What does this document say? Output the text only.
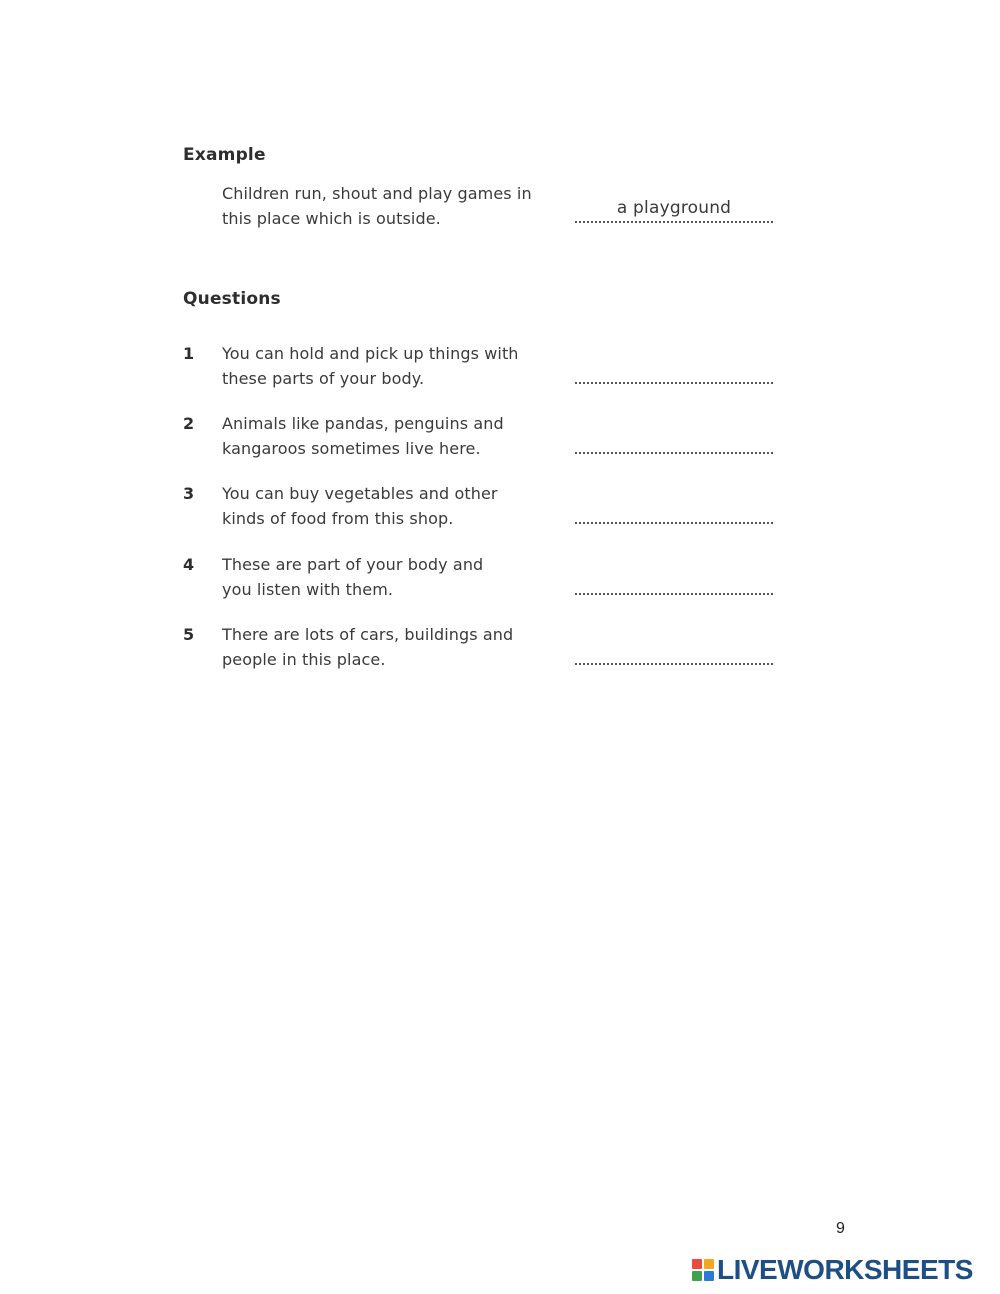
Example
Children run, shout and play games in
this place which is outside.
a playground
Questions
1 You can hold and pick up things with
these parts of your body.
2 Animals like pandas, penguins and
kangaroos sometimes live here.
3 You can buy vegetables and other
kinds of food from this shop.
4 These are part of your body and
you listen with them.
5 There are lots of cars, buildings and
people in this place.
9
LIVEWORKSHEETS
